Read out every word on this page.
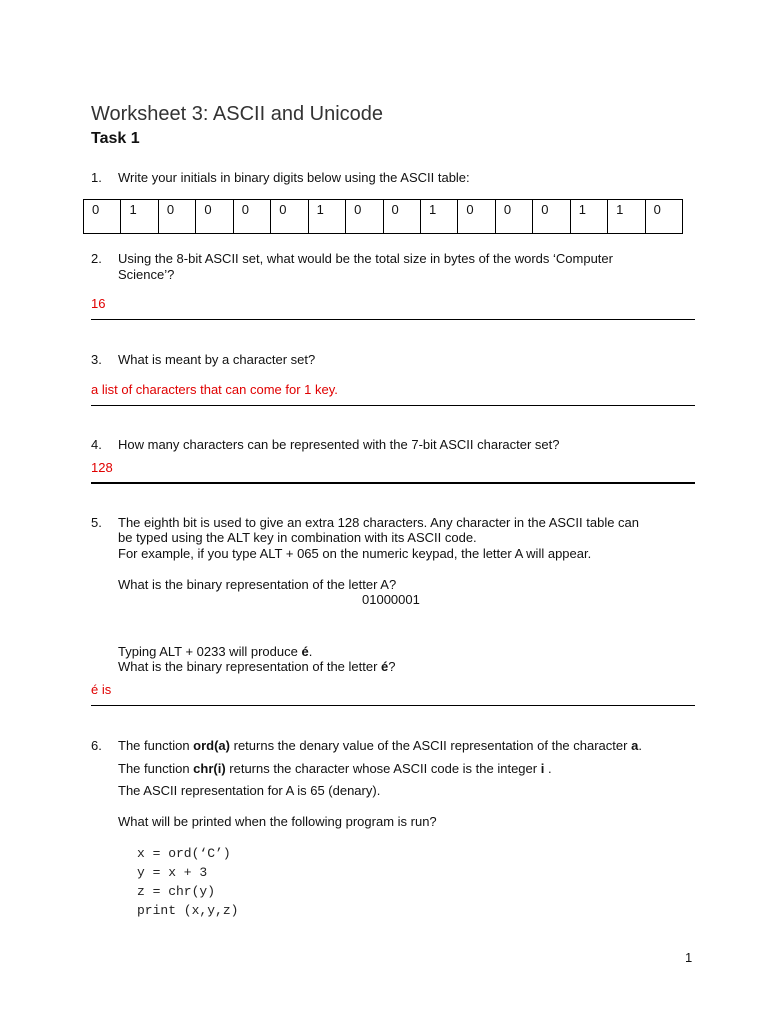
Worksheet 3: ASCII and Unicode
Task 1
1. Write your initials in binary digits below using the ASCII table:
0	1	0	0	0	0	1	0	0	1	0	0	0	1	1	0
2. Using the 8-bit ASCII set, what would be the total size in bytes of the words ‘Computer
Science’?
16
3. What is meant by a character set?
a list of characters that can come for 1 key.
4. How many characters can be represented with the 7-bit ASCII character set?
128
5. The eighth bit is used to give an extra 128 characters. Any character in the ASCII table can
be typed using the ALT key in combination with its ASCII code.
For example, if you type ALT + 065 on the numeric keypad, the letter A will appear.
What is the binary representation of the letter A?
01000001
Typing ALT + 0233 will produce é.
What is the binary representation of the letter é?
é is
6. The function ord(a) returns the denary value of the ASCII representation of the character a.
The function chr(i) returns the character whose ASCII code is the integer i .
The ASCII representation for A is 65 (denary).
What will be printed when the following program is run?
x = ord(‘C’)
y = x + 3
z = chr(y)
print (x,y,z)
1
